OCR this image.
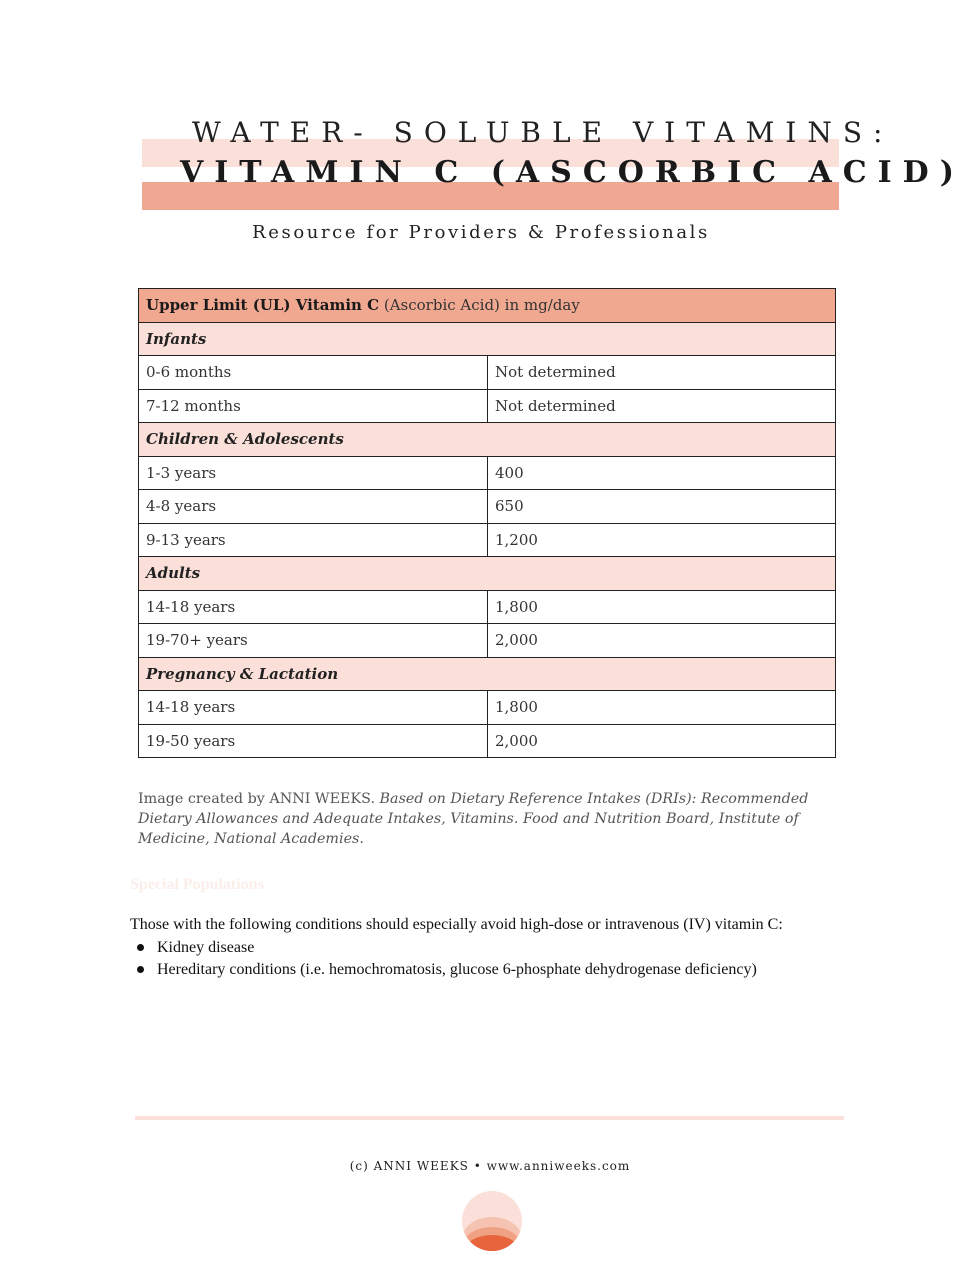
WATER- SOLUBLE VITAMINS:
VITAMIN C (ASCORBIC ACID)
Resource for Providers & Professionals
Upper Limit (UL) Vitamin C (Ascorbic Acid) in mg/day	
Infants	
0-6 months	Not determined
7-12 months	Not determined
Children & Adolescents	
1-3 years	400
4-8 years	650
9-13 years	1,200
Adults	
14-18 years	1,800
19-70+ years	2,000
Pregnancy & Lactation	
14-18 years	1,800
19-50 years	2,000
Image created by ANNI WEEKS. Based on Dietary Reference Intakes (DRIs): Recommended Dietary Allowances and Adequate Intakes, Vitamins. Food and Nutrition Board, Institute of Medicine, National Academies.
Special Populations
Those with the following conditions should especially avoid high-dose or intravenous (IV) vitamin C:
Kidney disease
Hereditary conditions (i.e. hemochromatosis, glucose 6-phosphate dehydrogenase deficiency)
(c) ANNI WEEKS • www.anniweeks.com
